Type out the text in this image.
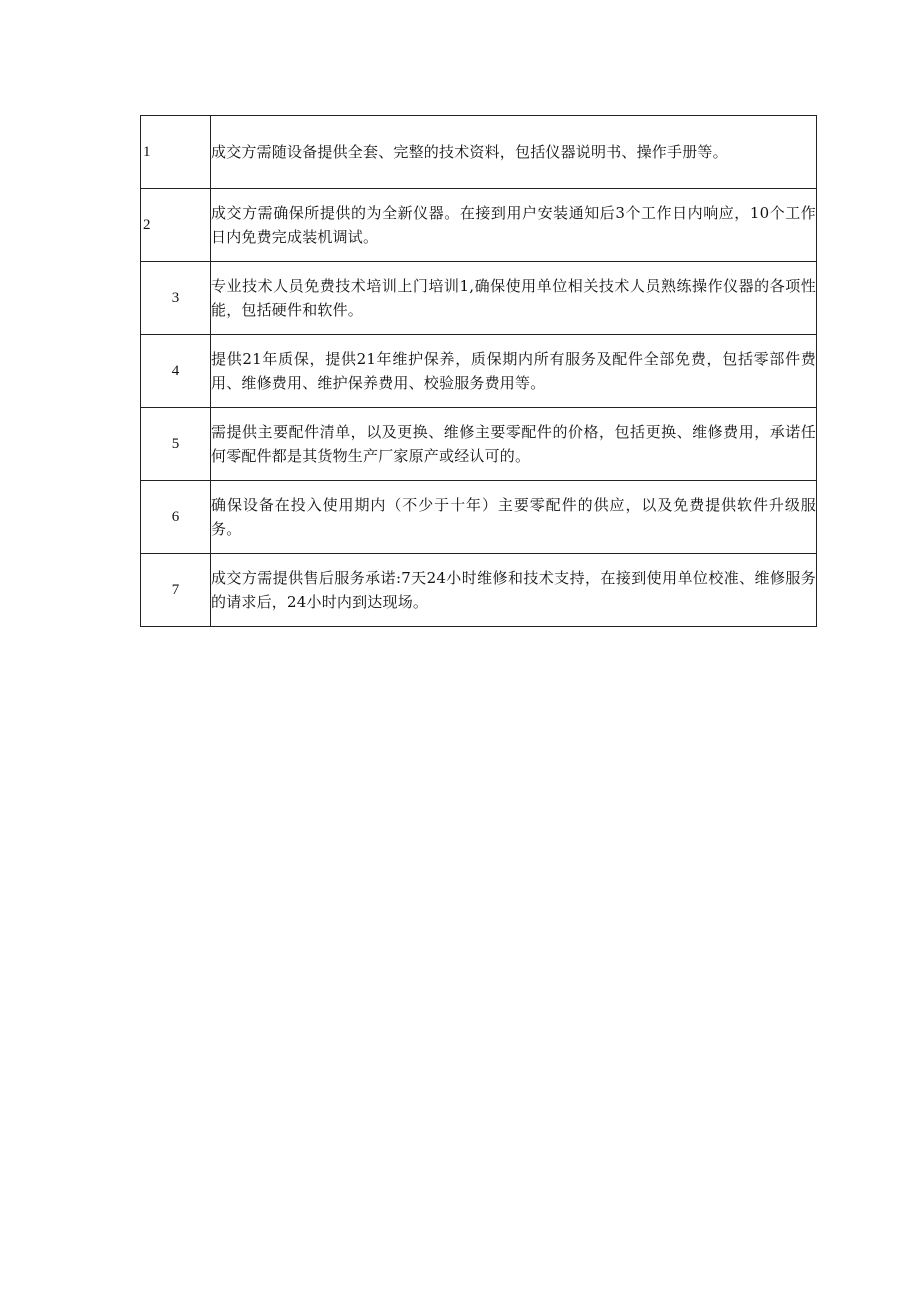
1	成交方需随设备提供全套、完整的技术资料，包括仪器说明书、操作手册等。
2	成交方需确保所提供的为全新仪器。在接到用户安装通知后3个工作日内响应，10个工作日内免费完成装机调试。
3	专业技术人员免费技术培训上门培训1,确保使用单位相关技术人员熟练操作仪器的各项性能，包括硬件和软件。
4	提供21年质保，提供21年维护保养，质保期内所有服务及配件全部免费，包括零部件费用、维修费用、维护保养费用、校验服务费用等。
5	需提供主要配件清单，以及更换、维修主要零配件的价格，包括更换、维修费用，承诺任何零配件都是其货物生产厂家原产或经认可的。
6	确保设备在投入使用期内（不少于十年）主要零配件的供应，以及免费提供软件升级服务。
7	成交方需提供售后服务承诺:7天24小时维修和技术支持，在接到使用单位校准、维修服务的请求后，24小时内到达现场。
